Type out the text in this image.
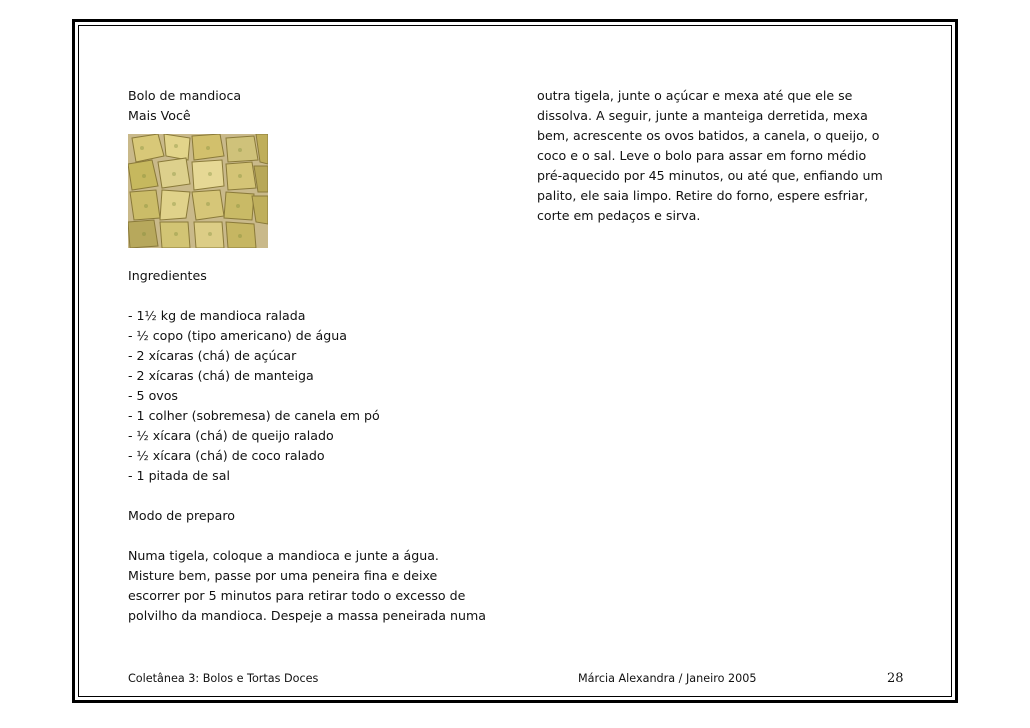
Bolo de mandioca
Mais Você
Ingredientes
- 1½ kg de mandioca ralada
- ½ copo (tipo americano) de água
- 2 xícaras (chá) de açúcar
- 2 xícaras (chá) de manteiga
- 5 ovos
- 1 colher (sobremesa) de canela em pó
- ½ xícara (chá) de queijo ralado
- ½ xícara (chá) de coco ralado
- 1 pitada de sal
Modo de preparo
Numa tigela, coloque a mandioca e junte a água.
Misture bem, passe por uma peneira fina e deixe
escorrer por 5 minutos para retirar todo o excesso de
polvilho da mandioca. Despeje a massa peneirada numa
outra tigela, junte o açúcar e mexa até que ele se
dissolva. A seguir, junte a manteiga derretida, mexa
bem, acrescente os ovos batidos, a canela, o queijo, o
coco e o sal. Leve o bolo para assar em forno médio
pré-aquecido por 45 minutos, ou até que, enfiando um
palito, ele saia limpo. Retire do forno, espere esfriar,
corte em pedaços e sirva.
Coletânea 3: Bolos e Tortas Doces	Márcia Alexandra / Janeiro 2005	28
